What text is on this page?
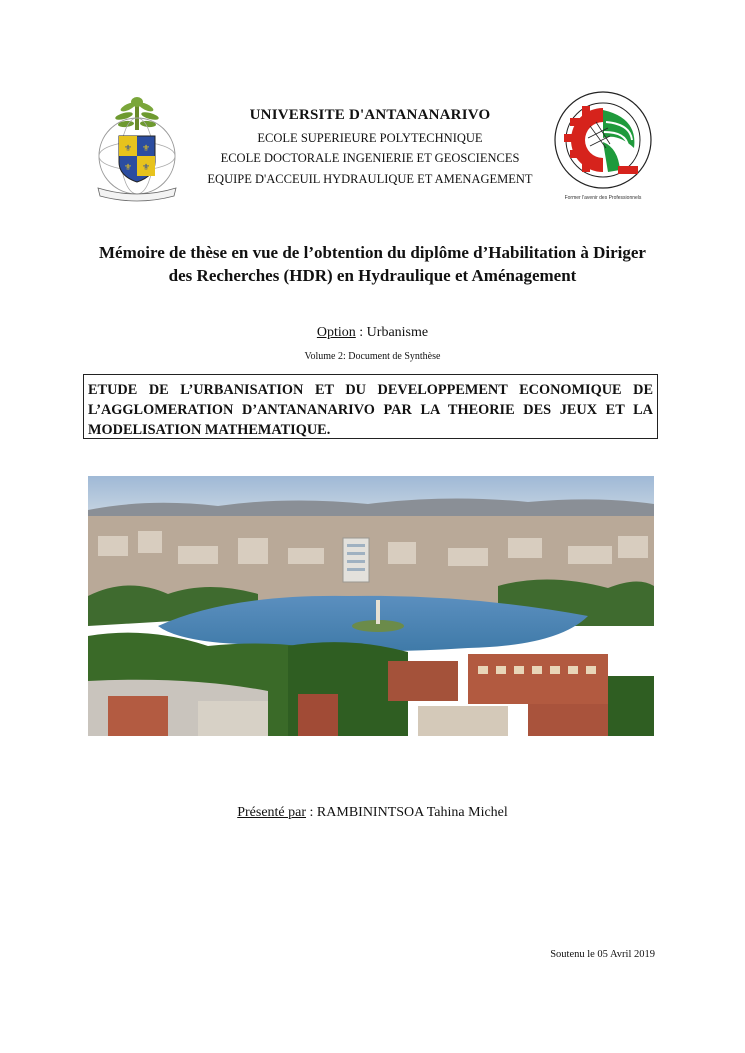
⚜ ⚜
⚜ ⚜
UNIVERSITE D'ANTANANARIVO
ECOLE SUPERIEURE POLYTECHNIQUE
ECOLE DOCTORALE INGENIERIE ET GEOSCIENCES
EQUIPE D'ACCEUIL HYDRAULIQUE ET AMENAGEMENT
Former l'avenir des Professionnels
Mémoire de thèse en vue de l’obtention du diplôme d’Habilitation à Diriger
des Recherches (HDR) en Hydraulique et Aménagement
Option : Urbanisme
Volume 2: Document de Synthèse
ETUDE DE L’URBANISATION ET DU DEVELOPPEMENT ECONOMIQUE DE L’AGGLOMERATION D’ANTANANARIVO PAR LA THEORIE DES JEUX ET LA MODELISATION MATHEMATIQUE.
Présenté par : RAMBININTSOA Tahina Michel
Soutenu le 05 Avril 2019
